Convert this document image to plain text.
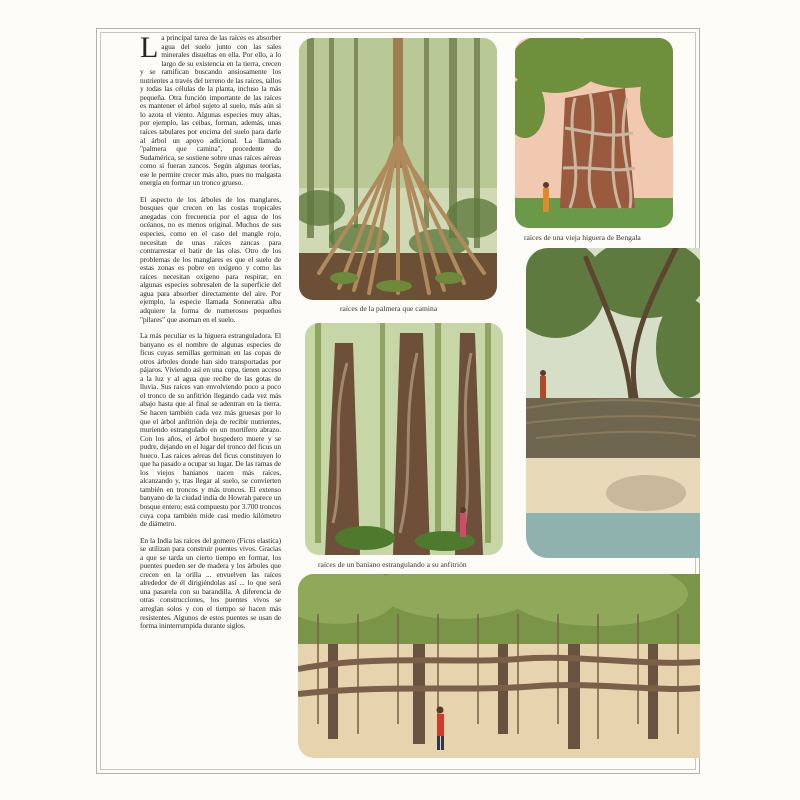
La principal tarea de las raíces es absorber agua del suelo junto con las sales minerales disueltas en ella. Por ello, a lo largo de su existencia en la tierra, crecen y se ramifican buscando ansiosamente los nutrientes a través del terreno de las raíces, tallos y todas las células de la planta, incluso la más pequeña. Otra función importante de las raíces es mantener el árbol sujeto al suelo, más aún si lo azota el viento. Algunas especies muy altas, por ejemplo, las ceibas, forman, además, unas raíces tabulares por encima del suelo para darle al árbol un apoyo adicional. La llamada "palmera que camina", procedente de Sudamérica, se sostiene sobre unas raíces aéreas como si fueran zancos. Según algunas teorías, ese le permite crecer más alto, pues no malgasta energía en formar un tronco grueso.

El aspecto de los árboles de los manglares, bosques que crecen en las costas tropicales anegadas con frecuencia por el agua de los océanos, no es menos original. Muchos de sus especies, como en el caso del mangle rojo, necesitan de unas raíces zancas para contrarrestar el batir de las olas. Otro de los problemas de los manglares es que el suelo de estas zonas es pobre en oxígeno y como las raíces necesitan oxígeno para respirar, en algunas especies sobresalen de la superficie del agua para absorber directamente del aire. Por ejemplo, la especie llamada Sonneratia alba adquiere la forma de numerosos pequeños "pilares" que asoman en el suelo.

La más peculiar es la higuera estranguladora. El banyano es el nombre de algunas especies de ficus cuyas semillas germinan en las copas de otros árboles donde han sido transportadas por pájaros. Viviendo así en una copa, tienen acceso a la luz y al agua que recibe de las gotas de lluvia. Sus raíces van envolviendo poco a poco el tronco de su anfitrión llegando cada vez más abajo hasta que al final se adentran en la tierra. Se hacen también cada vez más gruesas por lo que el árbol anfitrión deja de recibir nutrientes, muriendo estrangulado en un mortífero abrazo. Con los años, el árbol hospedero muere y se pudre, dejando en el lugar del tronco del ficus un hueco. Las raíces aéreas del ficus constituyen lo que ha pasado a ocupar su lugar. De las ramas de los viejos banianos nacen más raíces, alcanzando y, tras llegar al suelo, se convierten también en troncos y más troncos. El extenso banyano de la ciudad india de Howrah parece un bosque entero; está compuesto por 3.700 troncos cuya copa también mide casi medio kilómetro de diámetro.

En la India las raíces del gomero (Ficus elastica) se utilizan para construir puentes vivos. Gracias a que se tarda un cierto tiempo en formar, los puentes pueden ser de madera y los árboles que crecen en la orilla ... envuelven las raíces alrededor de él dirigiéndolas así ... lo que será una pasarela con su barandilla. A diferencia de otras construcciones, los puentes vivos se arreglan solos y con el tiempo se hacen más resistentes. Algunos de estos puentes se usan de forma ininterrumpida durante siglos.

raíces de la palmera que camina
raíces de una vieja higuera de Bengala
raíces de un baniano estrangulando a su anfitrión
